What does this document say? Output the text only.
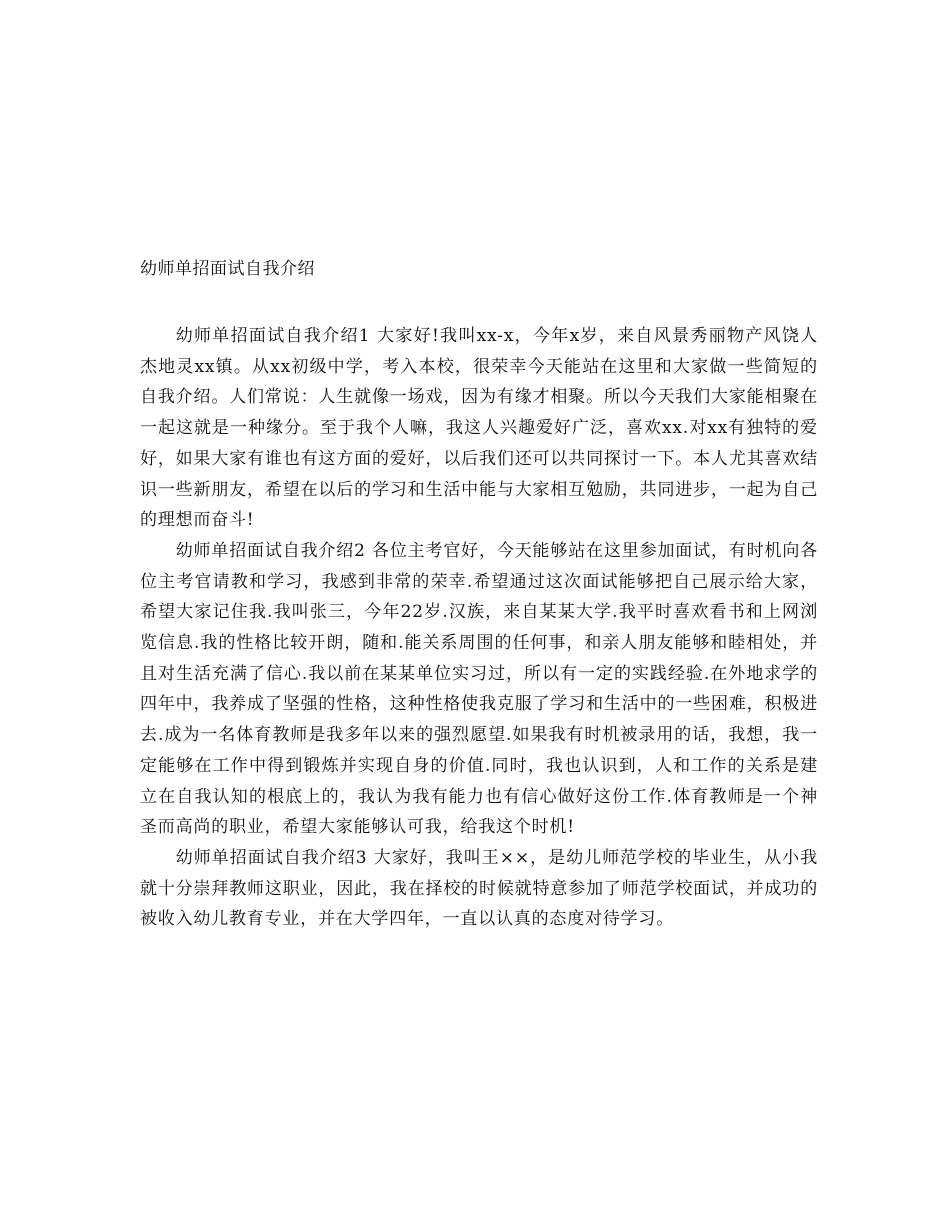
幼师单招面试自我介绍

幼师单招面试自我介绍1 大家好!我叫xx-x，今年x岁，来自风景秀丽物产风饶人杰地灵xx镇。从xx初级中学，考入本校，很荣幸今天能站在这里和大家做一些简短的自我介绍。人们常说：人生就像一场戏，因为有缘才相聚。所以今天我们大家能相聚在一起这就是一种缘分。至于我个人嘛，我这人兴趣爱好广泛，喜欢xx.对xx有独特的爱好，如果大家有谁也有这方面的爱好，以后我们还可以共同探讨一下。本人尤其喜欢结识一些新朋友，希望在以后的学习和生活中能与大家相互勉励，共同进步，一起为自己的理想而奋斗!

幼师单招面试自我介绍2 各位主考官好，今天能够站在这里参加面试，有时机向各位主考官请教和学习，我感到非常的荣幸.希望通过这次面试能够把自己展示给大家，希望大家记住我.我叫张三，今年22岁.汉族，来自某某大学.我平时喜欢看书和上网浏览信息.我的性格比较开朗，随和.能关系周围的任何事，和亲人朋友能够和睦相处，并且对生活充满了信心.我以前在某某单位实习过，所以有一定的实践经验.在外地求学的四年中，我养成了坚强的性格，这种性格使我克服了学习和生活中的一些困难，积极进去.成为一名体育教师是我多年以来的强烈愿望.如果我有时机被录用的话，我想，我一定能够在工作中得到锻炼并实现自身的价值.同时，我也认识到，人和工作的关系是建立在自我认知的根底上的，我认为我有能力也有信心做好这份工作.体育教师是一个神圣而高尚的职业，希望大家能够认可我，给我这个时机!

幼师单招面试自我介绍3 大家好，我叫王××，是幼儿师范学校的毕业生，从小我就十分崇拜教师这职业，因此，我在择校的时候就特意参加了师范学校面试，并成功的被收入幼儿教育专业，并在大学四年，一直以认真的态度对待学习。
